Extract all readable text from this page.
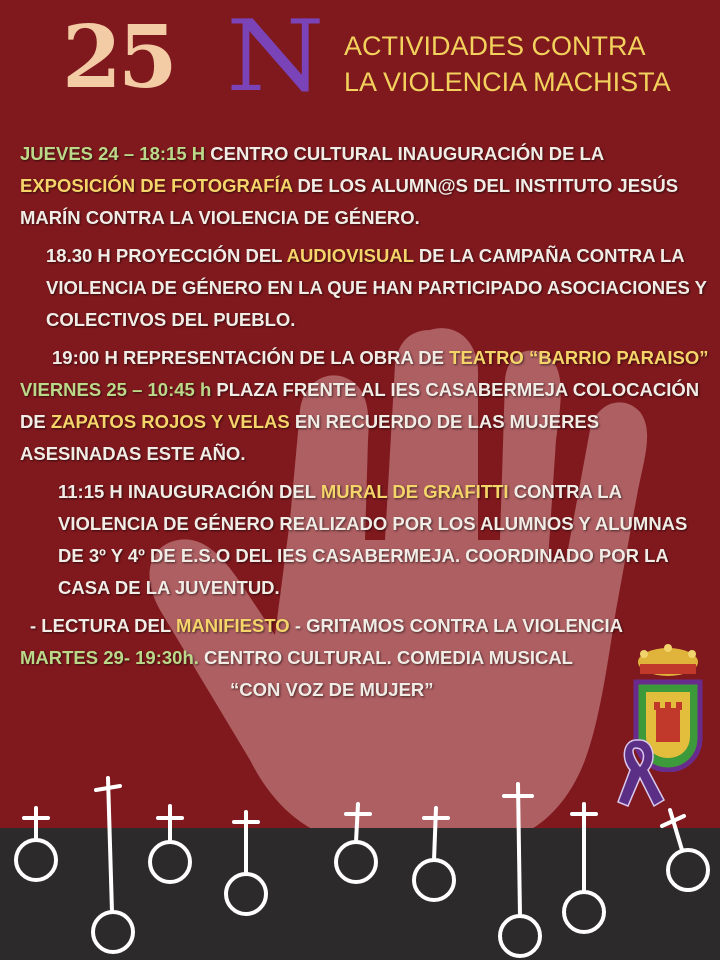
25 N ACTIVIDADES CONTRA
LA VIOLENCIA MACHISTA

JUEVES 24 – 18:15 H CENTRO CULTURAL INAUGURACIÓN DE LA EXPOSICIÓN DE FOTOGRAFÍA DE LOS ALUMN@S DEL INSTITUTO JESÚS MARÍN CONTRA LA VIOLENCIA DE GÉNERO.

18.30 H PROYECCIÓN DEL AUDIOVISUAL DE LA CAMPAÑA CONTRA LA VIOLENCIA DE GÉNERO EN LA QUE HAN PARTICIPADO ASOCIACIONES Y COLECTIVOS DEL PUEBLO.

19:00 H REPRESENTACIÓN DE LA OBRA DE TEATRO “BARRIO PARAISO”

VIERNES 25 – 10:45 h PLAZA FRENTE AL IES CASABERMEJA COLOCACIÓN DE ZAPATOS ROJOS Y VELAS EN RECUERDO DE LAS MUJERES ASESINADAS ESTE AÑO.

11:15 H INAUGURACIÓN DEL MURAL DE GRAFITTI CONTRA LA VIOLENCIA DE GÉNERO REALIZADO POR LOS ALUMNOS Y ALUMNAS DE 3º Y 4º DE E.S.O DEL IES CASABERMEJA. COORDINADO POR LA CASA DE LA JUVENTUD.

- LECTURA DEL MANIFIESTO - GRITAMOS CONTRA LA VIOLENCIA

MARTES 29- 19:30h. CENTRO CULTURAL. COMEDIA MUSICAL

“CON VOZ DE MUJER”
